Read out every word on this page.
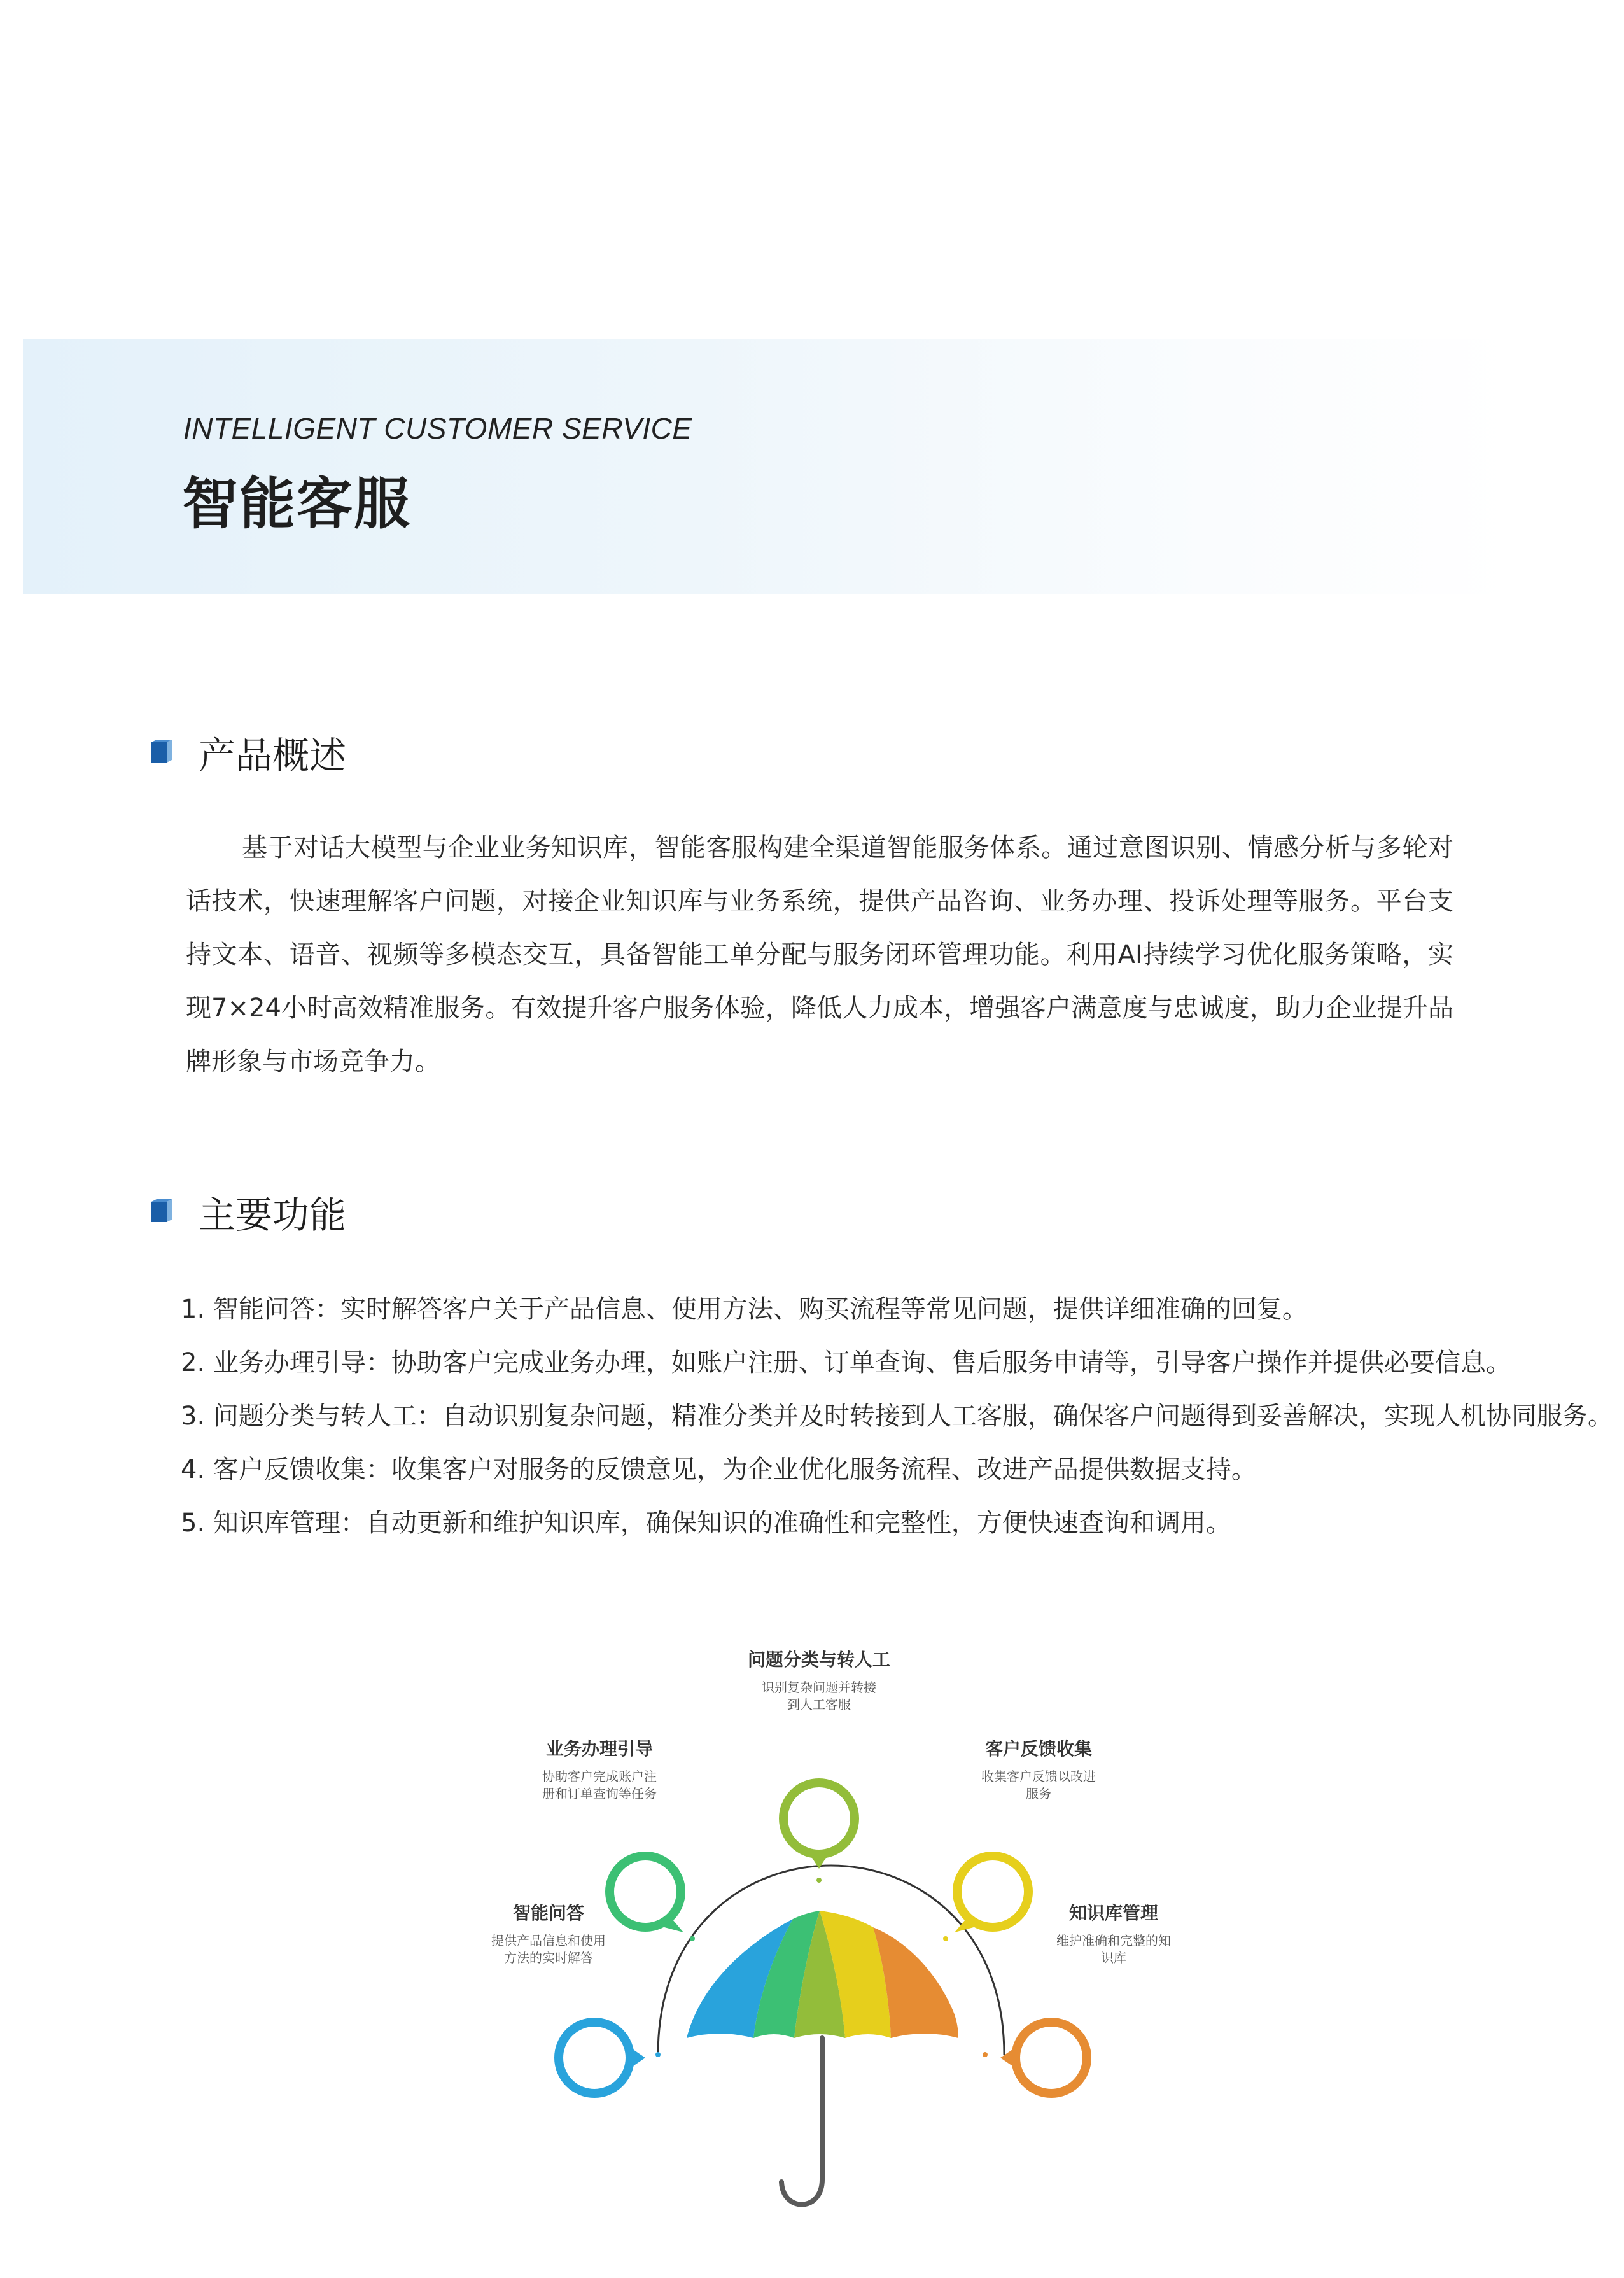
INTELLIGENT CUSTOMER SERVICE
智能客服
产品概述

基于对话大模型与企业业务知识库，智能客服构建全渠道智能服务体系。通过意图识别、情感分析与多轮对话技术，快速理解客户问题，对接企业知识库与业务系统，提供产品咨询、业务办理、投诉处理等服务。平台支持文本、语音、视频等多模态交互，具备智能工单分配与服务闭环管理功能。利用AI持续学习优化服务策略，实现7×24小时高效精准服务。有效提升客户服务体验，降低人力成本，增强客户满意度与忠诚度，助力企业提升品牌形象与市场竞争力。

主要功能
1. 智能问答：实时解答客户关于产品信息、使用方法、购买流程等常见问题，提供详细准确的回复。
2. 业务办理引导：协助客户完成业务办理，如账户注册、订单查询、售后服务申请等，引导客户操作并提供必要信息。
3. 问题分类与转人工：自动识别复杂问题，精准分类并及时转接到人工客服，确保客户问题得到妥善解决，实现人机协同服务。
4. 客户反馈收集：收集客户对服务的反馈意见，为企业优化服务流程、改进产品提供数据支持。
5. 知识库管理：自动更新和维护知识库，确保知识的准确性和完整性，方便快速查询和调用。
智能问答
提供产品信息和使用
方法的实时解答
业务办理引导
协助客户完成账户注
册和订单查询等任务
问题分类与转人工
识别复杂问题并转接
到人工客服
客户反馈收集
收集客户反馈以改进
服务
知识库管理
维护准确和完整的知
识库
